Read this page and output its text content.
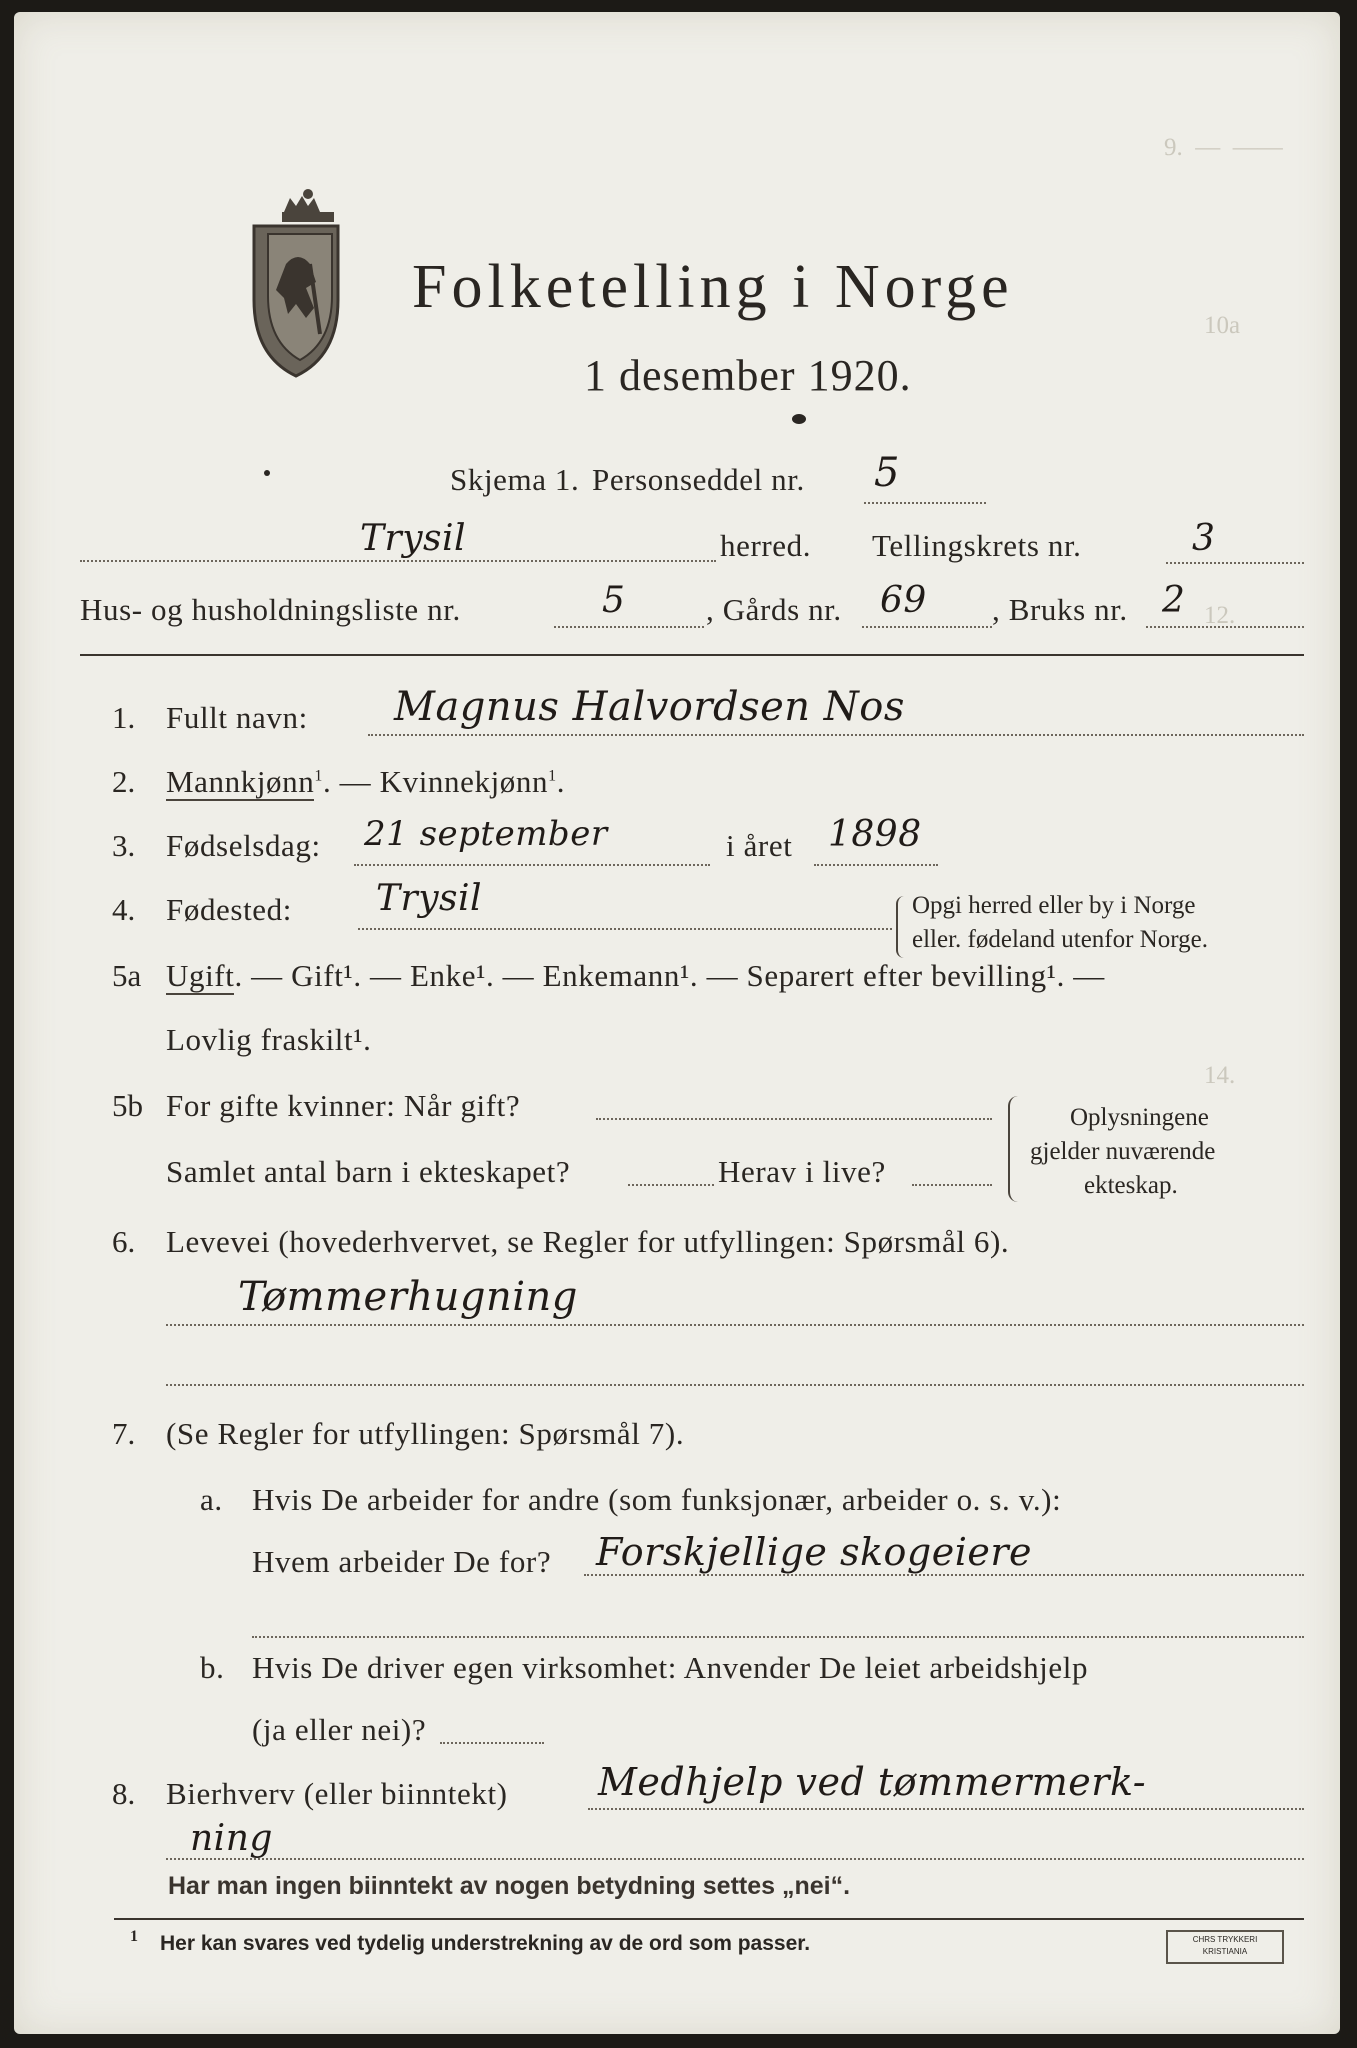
9.  —  ——
10a
12.
14.
Folketelling i Norge
1 desember 1920.
Skjema 1. Personseddel nr. 5
Trysil	herred. Tellingskrets nr.	3
Hus- og husholdningsliste nr.	5	, Gårds nr. 69 , Bruks nr. 2
1. Fullt navn: Magnus Halvordsen Nos
2. Mannkjønn$^1$. — Kvinnekjønn$^1$.
3. Fødselsdag: 21 september	i året 1898
4. Fødested: Trysil	Opgi herred eller by i Norge
eller. fødeland utenfor Norge.
5a Ugift. — Gift¹. — Enke¹. — Enkemann¹. — Separert efter bevilling¹. —
Lovlig fraskilt¹.
5b For gifte kvinner: Når gift?
Samlet antal barn i ekteskapet?	Herav i live?
Oplysningene
gjelder nuværende
ekteskap.
6. Levevei (hovederhvervet, se Regler for utfyllingen: Spørsmål 6).
Tømmerhugning
7. (Se Regler for utfyllingen: Spørsmål 7).
a. Hvis De arbeider for andre (som funksjonær, arbeider o. s. v.):
Hvem arbeider De for? Forskjellige skogeiere
b. Hvis De driver egen virksomhet: Anvender De leiet arbeidshjelp
(ja eller nei)?
8. Bierhverv (eller biinntekt) Medhjelp ved tømmermerk-
ning
Har man ingen biinntekt av nogen betydning settes „nei“.
1 Her kan svares ved tydelig understrekning av de ord som passer.	CHRS TRYKKERI
KRISTIANIA
